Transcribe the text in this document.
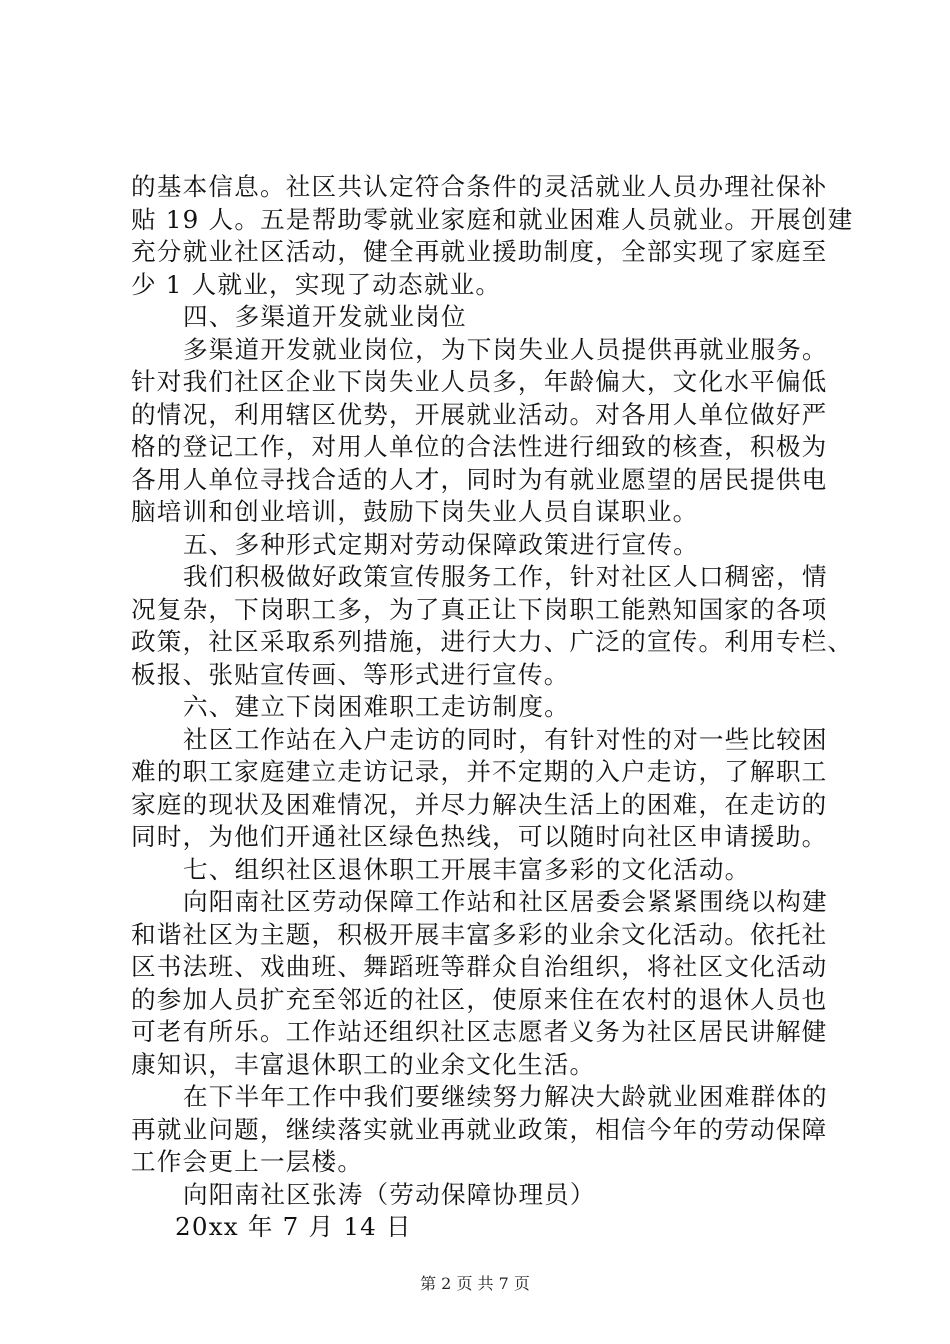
的基本信息。社区共认定符合条件的灵活就业人员办理社保补
贴 19 人。五是帮助零就业家庭和就业困难人员就业。开展创建
充分就业社区活动，健全再就业援助制度，全部实现了家庭至
少 1 人就业，实现了动态就业。
四、多渠道开发就业岗位
多渠道开发就业岗位，为下岗失业人员提供再就业服务。
针对我们社区企业下岗失业人员多，年龄偏大，文化水平偏低
的情况，利用辖区优势，开展就业活动。对各用人单位做好严
格的登记工作，对用人单位的合法性进行细致的核查，积极为
各用人单位寻找合适的人才，同时为有就业愿望的居民提供电
脑培训和创业培训，鼓励下岗失业人员自谋职业。
五、多种形式定期对劳动保障政策进行宣传。
我们积极做好政策宣传服务工作，针对社区人口稠密，情
况复杂，下岗职工多，为了真正让下岗职工能熟知国家的各项
政策，社区采取系列措施，进行大力、广泛的宣传。利用专栏、
板报、张贴宣传画、等形式进行宣传。
六、建立下岗困难职工走访制度。
社区工作站在入户走访的同时，有针对性的对一些比较困
难的职工家庭建立走访记录，并不定期的入户走访，了解职工
家庭的现状及困难情况，并尽力解决生活上的困难，在走访的
同时，为他们开通社区绿色热线，可以随时向社区申请援助。
七、组织社区退休职工开展丰富多彩的文化活动。
向阳南社区劳动保障工作站和社区居委会紧紧围绕以构建
和谐社区为主题，积极开展丰富多彩的业余文化活动。依托社
区书法班、戏曲班、舞蹈班等群众自治组织，将社区文化活动
的参加人员扩充至邻近的社区，使原来住在农村的退休人员也
可老有所乐。工作站还组织社区志愿者义务为社区居民讲解健
康知识，丰富退休职工的业余文化生活。
在下半年工作中我们要继续努力解决大龄就业困难群体的
再就业问题，继续落实就业再就业政策，相信今年的劳动保障
工作会更上一层楼。
向阳南社区张涛（劳动保障协理员）
20xx 年 7 月 14 日
第 2 页 共 7 页
